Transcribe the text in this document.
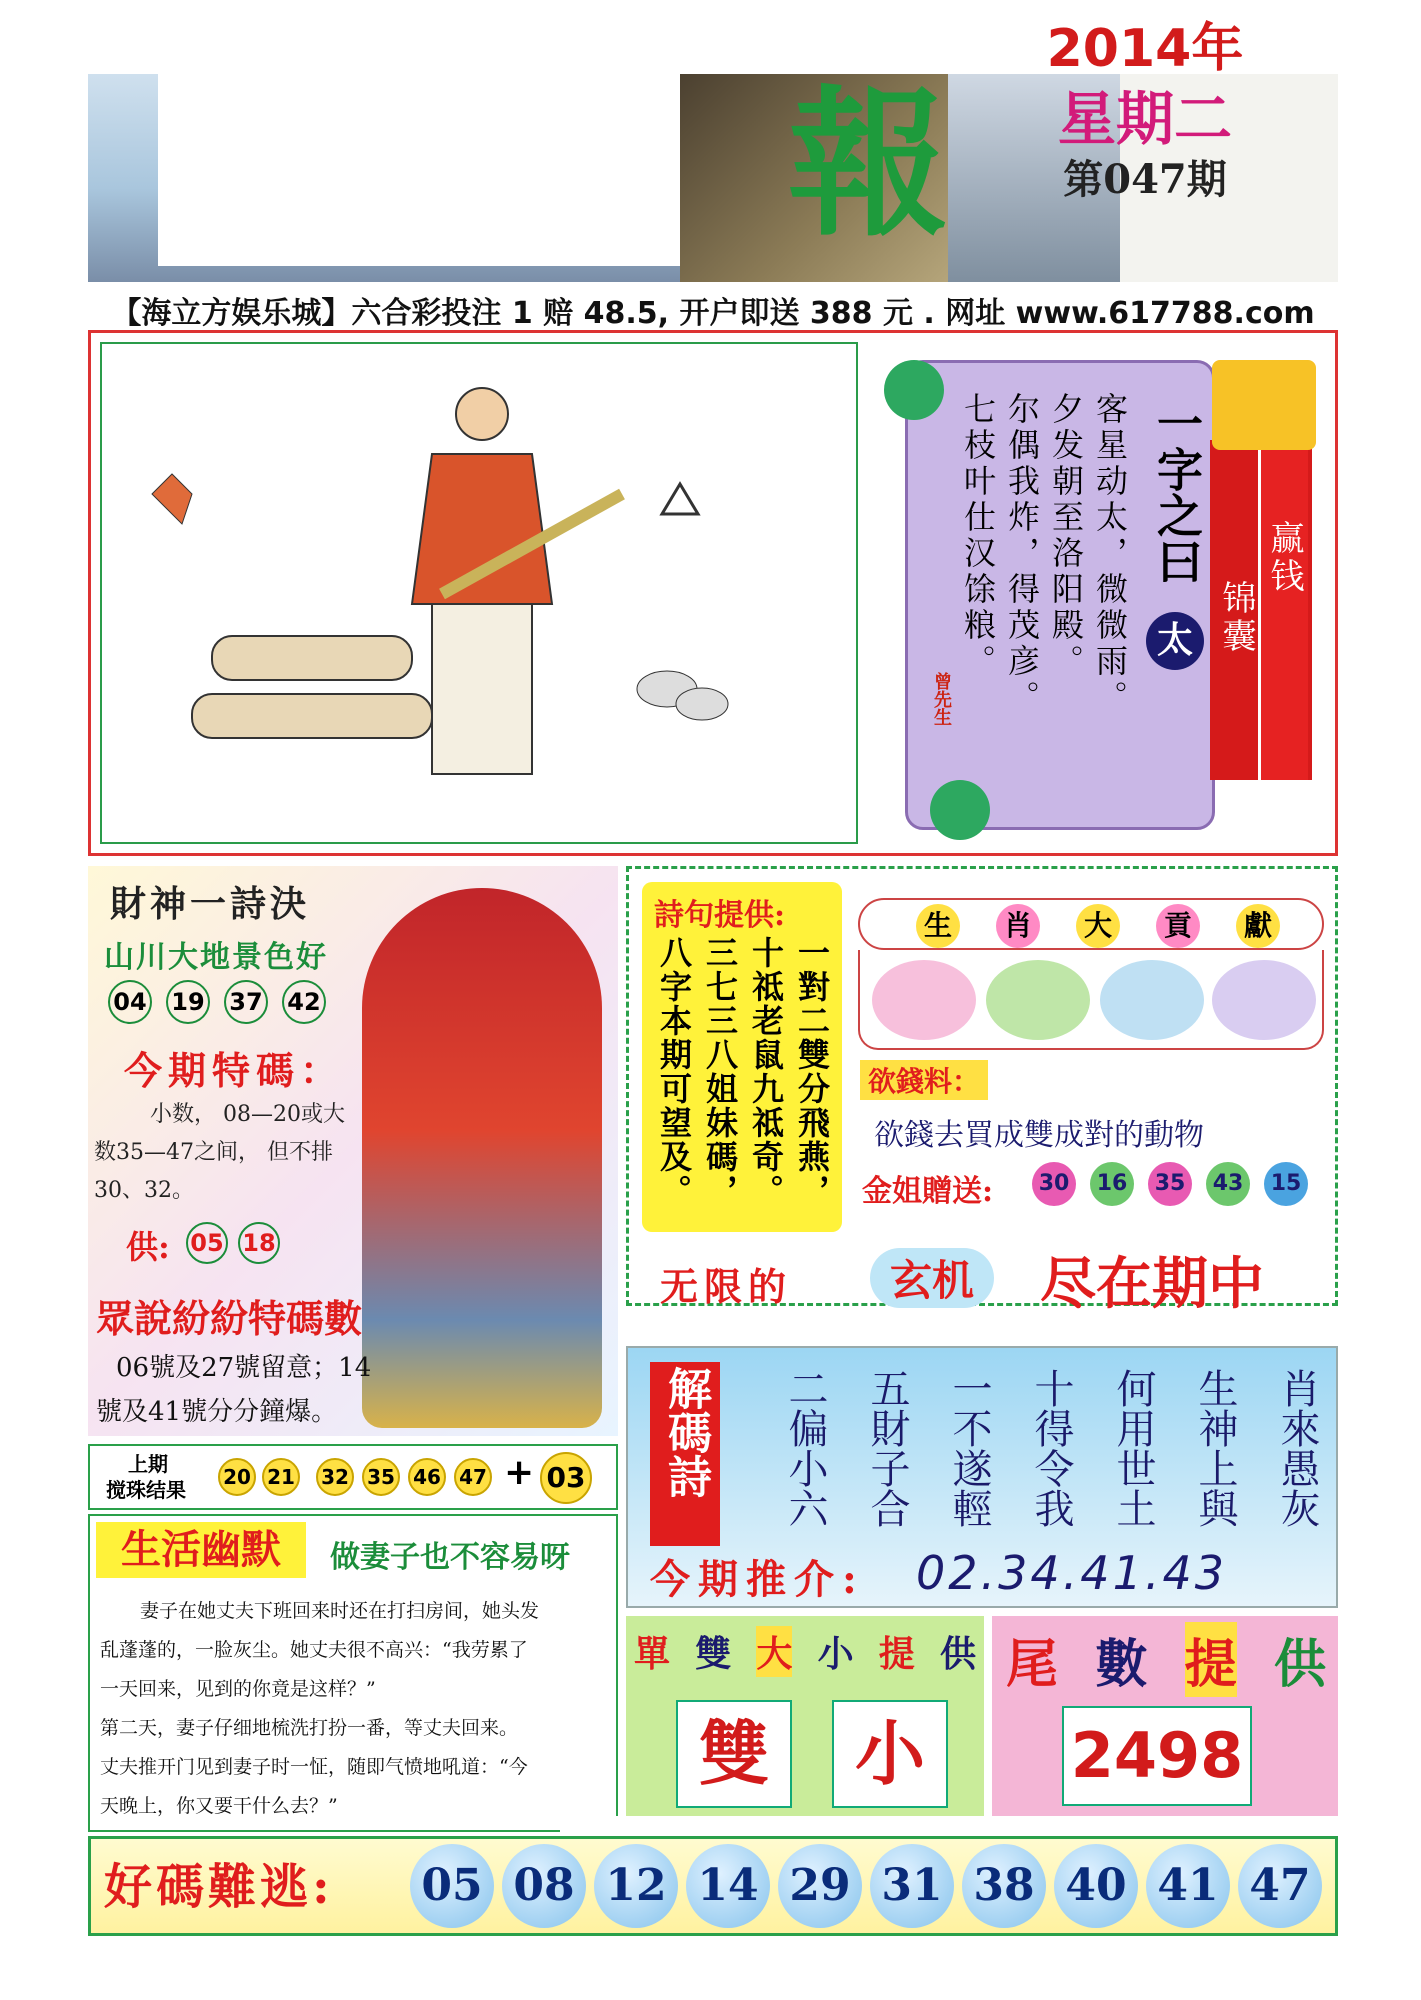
報
2014年
星期二
第047期
【海立方娱乐城】六合彩投注 1 赔 48.5, 开户即送 388 元 . 网址 www.617788.com
一字之曰
太
客星动太，微微雨。
夕发朝至洛阳殿。
尔偶我炸，得茂彦。
七枝叶仕汉馀粮。
曾先生
赢钱
锦囊
財神一詩決
山川大地景色好
04 19 37 42
今期特碼：
小数， 08—20或大数35—47之间， 但不排30、32。
供: 05 18
眾說紛紛特碼數
06號及27號留意；14號及41號分分鐘爆。
詩句提供:
一對二雙分飛燕，
十祗老鼠九祗奇。
三七三八姐妹碼，
八字本期可望及。
生 肖 大 貢 獻
欲錢料：
欲錢去買成雙成對的動物
金姐贈送:	30 16 35 43 15
无限的	玄机	尽在期中
解碼詩	二偏小六 五財子合 一不遂輕 十得令我 何用世土 生神上與 肖來愚灰
今期推介: 02.34.41.43
上期
搅珠结果
20 21 32 35 46 47 + 03
生活幽默	做妻子也不容易呀
妻子在她丈夫下班回来时还在打扫房间，她头发
乱蓬蓬的，一脸灰尘。她丈夫很不高兴：“我劳累了
一天回来，见到的你竟是这样？”
第二天，妻子仔细地梳洗打扮一番，等丈夫回来。
丈夫推开门见到妻子时一怔，随即气愤地吼道：“今
天晚上，你又要干什么去？”
單 雙 大 小 提 供
雙	小
尾 數 提 供
2498
好碼難逃: 05 08 12 14 29 31 38 40 41 47
